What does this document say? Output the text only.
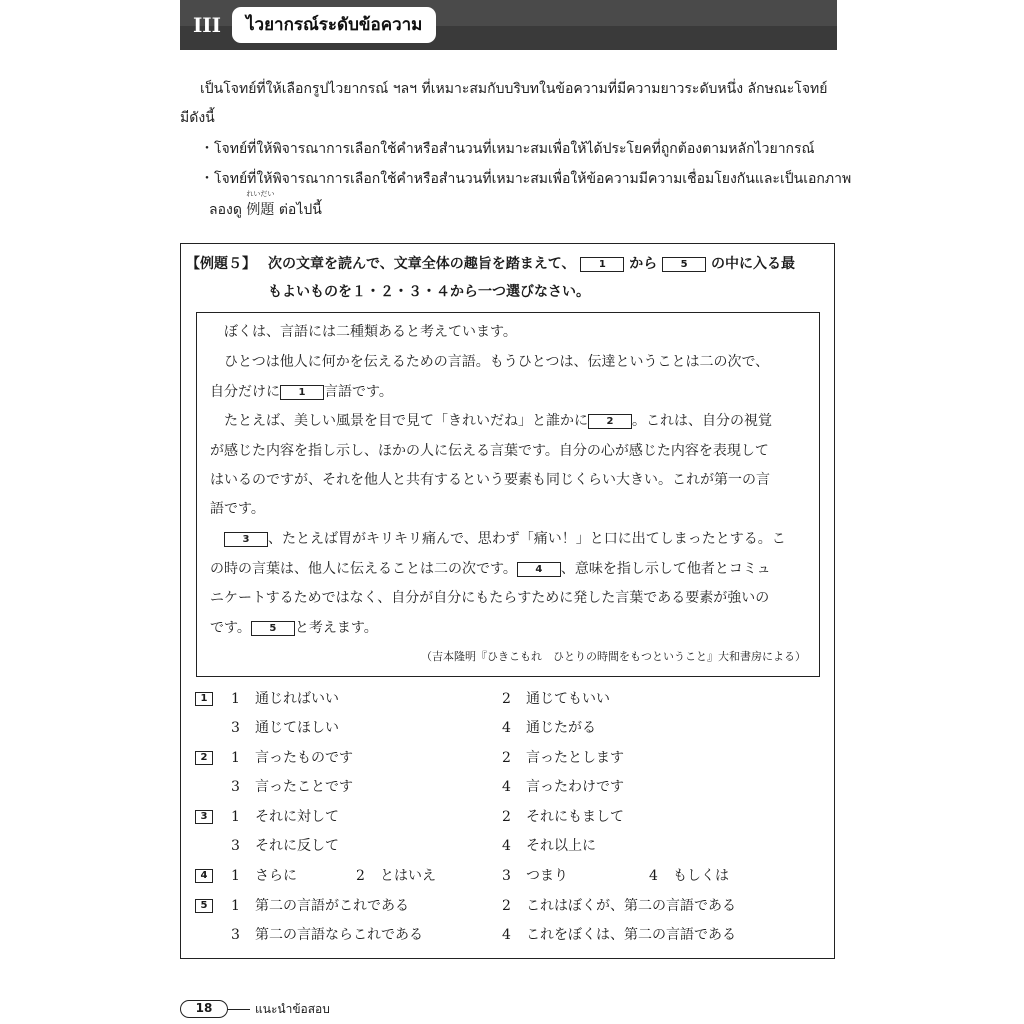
III	ไวยากรณ์ระดับข้อความ

เป็นโจทย์ที่ให้เลือกรูปไวยากรณ์ ฯลฯ ที่เหมาะสมกับบริบทในข้อความที่มีความยาวระดับหนึ่ง ลักษณะโจทย์

มีดังนี้

・โจทย์ที่ให้พิจารณาการเลือกใช้คำหรือสำนวนที่เหมาะสมเพื่อให้ได้ประโยคที่ถูกต้องตามหลักไวยากรณ์

・โจทย์ที่ให้พิจารณาการเลือกใช้คำหรือสำนวนที่เหมาะสมเพื่อให้ข้อความมีความเชื่อมโยงกันและเป็นเอกภาพ

ลองดู
れいだい
例題 ต่อไปนี้

【例題５】 次の文章を読んで、文章全体の趣旨を踏まえて、 1 から 5 の中に入る最
もよいものを１・２・３・４から一つ選びなさい。

ぼくは、言語には二種類あると考えています。

ひとつは他人に何かを伝えるための言語。もうひとつは、伝達ということは二の次で、

自分だけに 1 言語です。

たとえば、美しい風景を目で見て「きれいだね」と誰かに 2 。これは、自分の視覚

が感じた内容を指し示し、ほかの人に伝える言葉です。自分の心が感じた内容を表現して

はいるのですが、それを他人と共有するという要素も同じくらい大きい。これが第一の言

語です。

3 、たとえば胃がキリキリ痛んで、思わず「痛い！」と口に出てしまったとする。こ

の時の言葉は、他人に伝えることは二の次です。 4 、意味を指し示して他者とコミュ

ニケートするためではなく、自分が自分にもたらすために発した言葉である要素が強いの

です。 5 と考えます。

（吉本隆明『ひきこもれ　ひとりの時間をもつということ』大和書房による）
1	1 通じればいい	2 通じてもいい
3 通じてほしい	4 通じたがる
2	1 言ったものです	2 言ったとします
3 言ったことです	4 言ったわけです
3	1 それに対して	2 それにもまして
3 それに反して	4 それ以上に
4	1 さらに	2 とはいえ	3 つまり	4 もしくは
5	1 第二の言語がこれである	2 これはぼくが、第二の言語である
3 第二の言語ならこれである	4 これをぼくは、第二の言語である
18	แนะนำข้อสอบ
